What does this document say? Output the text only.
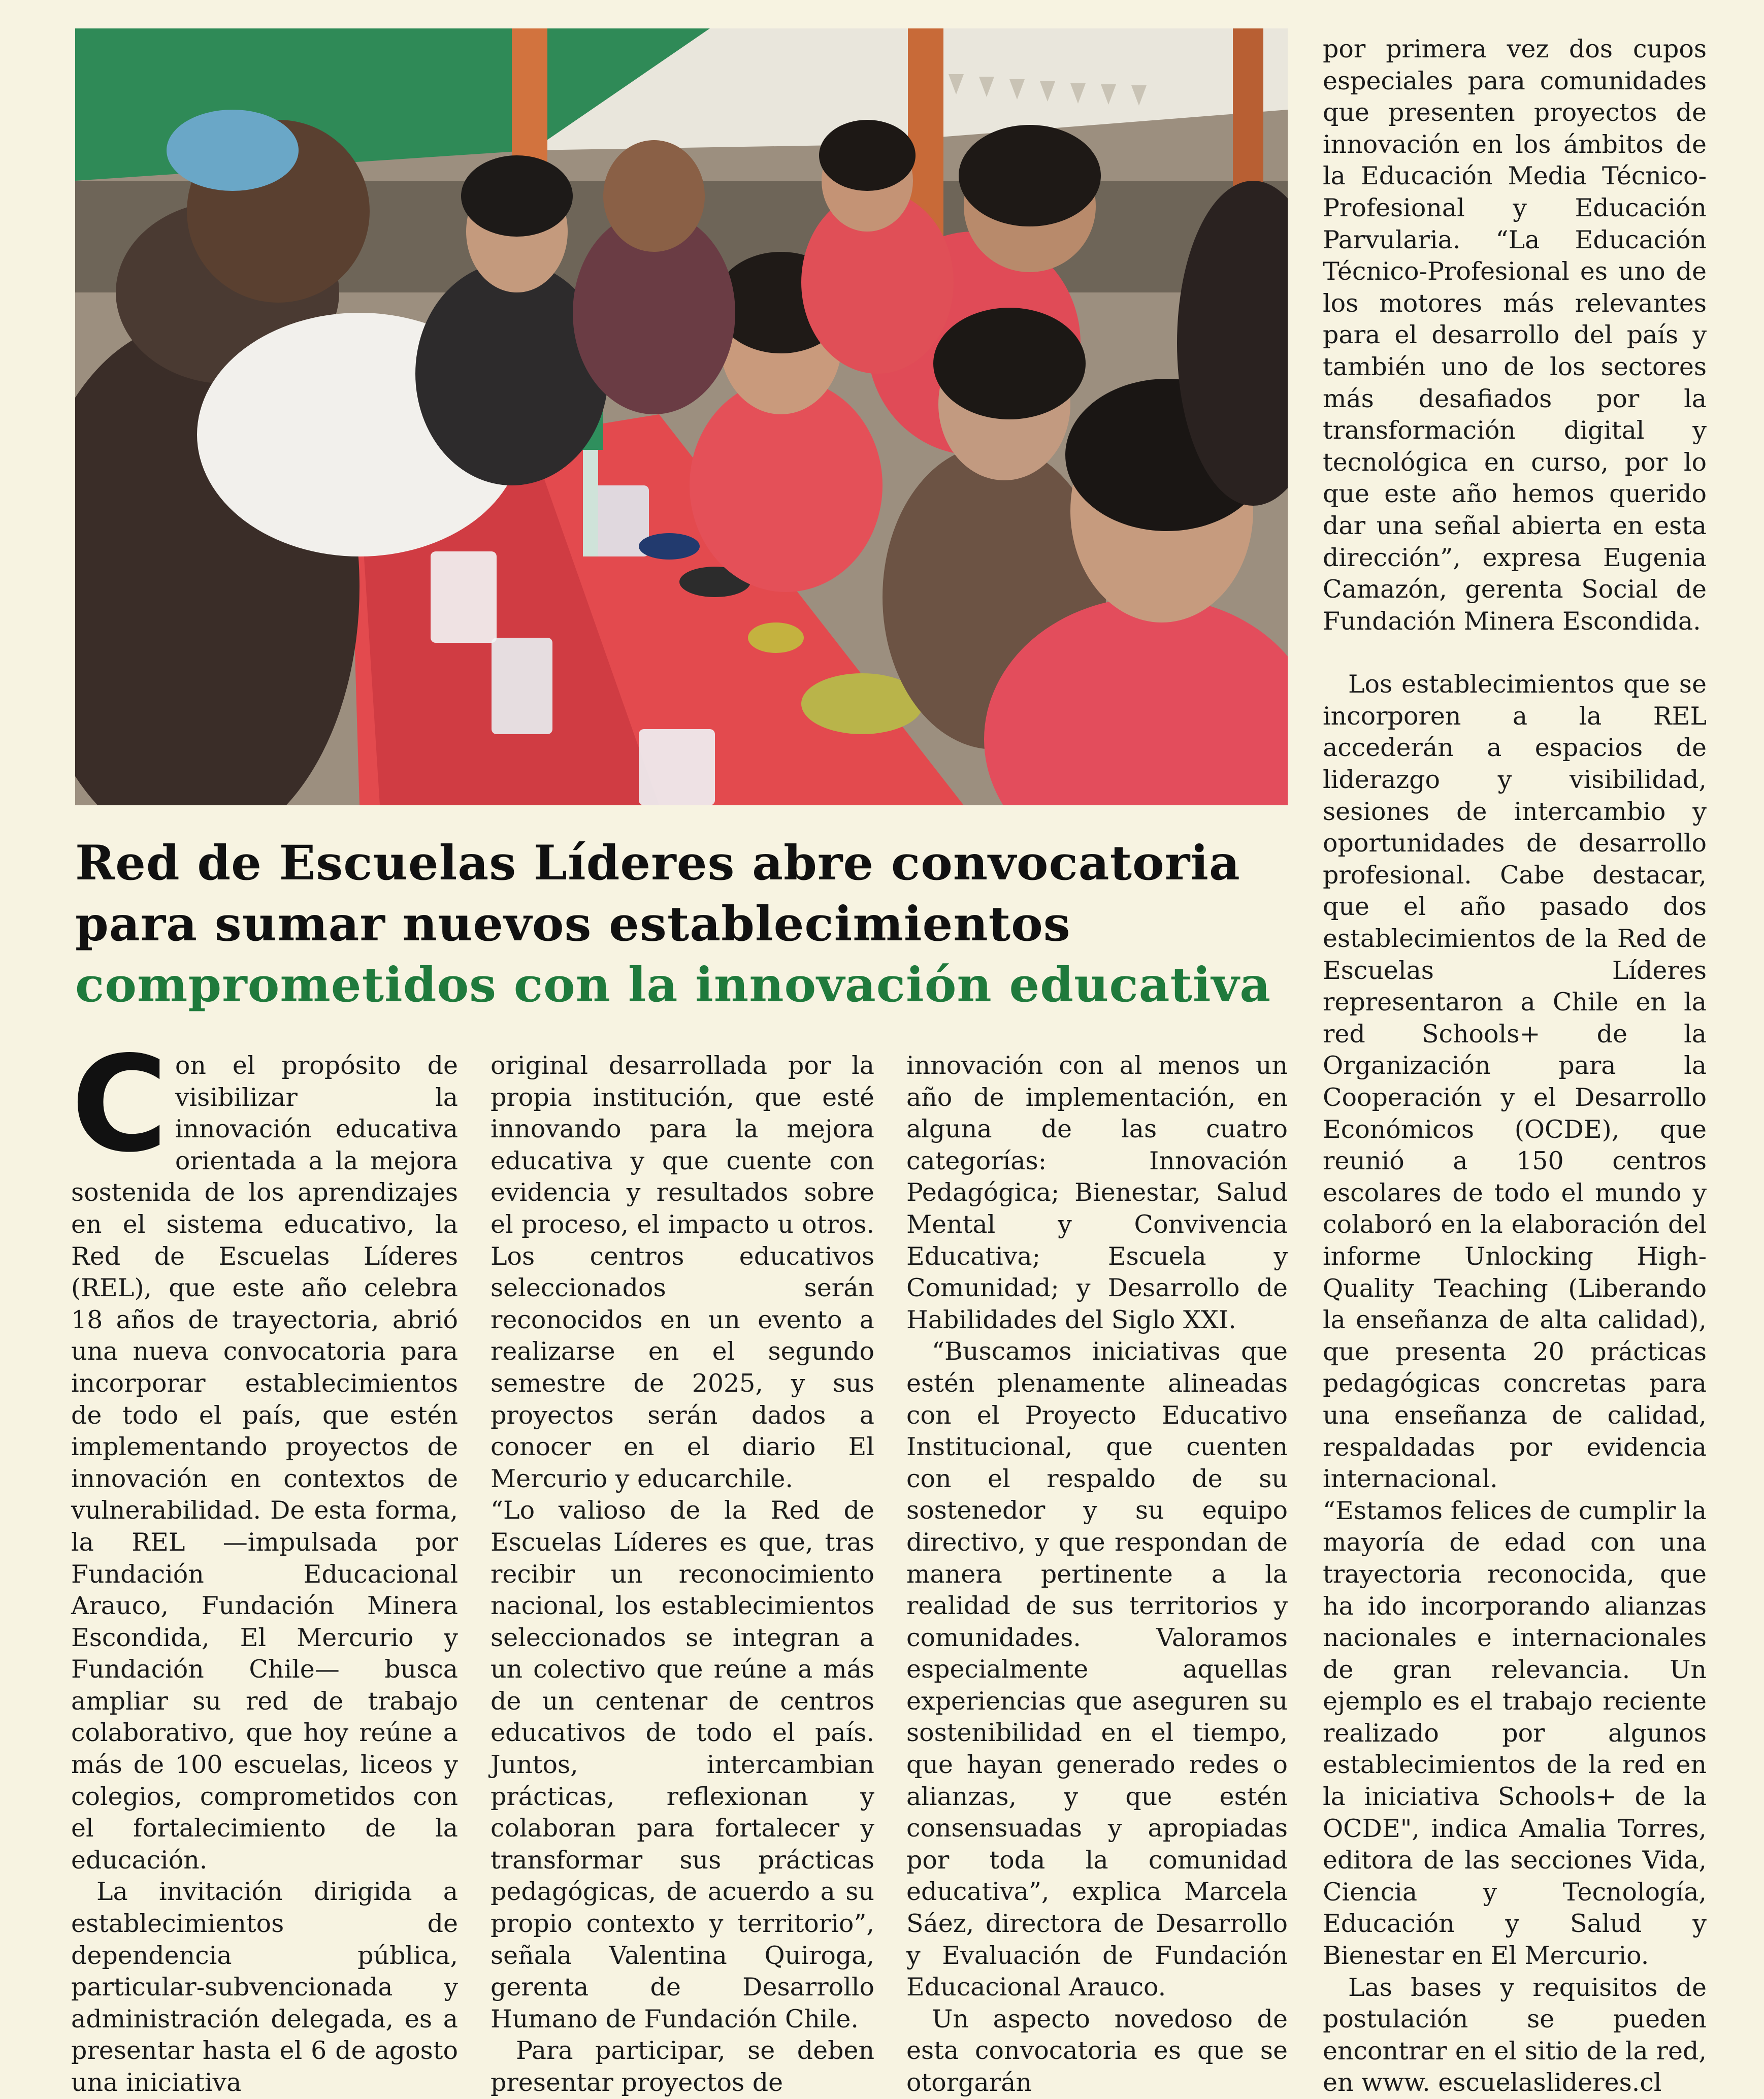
Red de Escuelas Líderes abre convocatoria
para sumar nuevos establecimientos
comprometidos con la innovación educativa

Con el propósito de visibilizar la innovación educativa orientada a la mejora sostenida de los aprendizajes en el sistema educativo, la Red de Escuelas Líderes (REL), que este año celebra 18 años de trayectoria, abrió una nueva convocatoria para incorporar establecimientos de todo el país, que estén implementando proyectos de innovación en contextos de vulnerabilidad. De esta forma, la REL —impulsada por Fundación Educacional Arauco, Fundación Minera Escondida, El Mercurio y Fundación Chile— busca ampliar su red de trabajo colaborativo, que hoy reúne a más de 100 escuelas, liceos y colegios, comprometidos con el fortalecimiento de la educación.

La invitación dirigida a establecimientos de dependencia pública, particular-subvencionada y administración delegada, es a presentar hasta el 6 de agosto una iniciativa

original desarrollada por la propia institución, que esté innovando para la mejora educativa y que cuente con evidencia y resultados sobre el proceso, el impacto u otros. Los centros educativos seleccionados serán reconocidos en un evento a realizarse en el segundo semestre de 2025, y sus proyectos serán dados a conocer en el diario El Mercurio y educarchile.

“Lo valioso de la Red de Escuelas Líderes es que, tras recibir un reconocimiento nacional, los establecimientos seleccionados se integran a un colectivo que reúne a más de un centenar de centros educativos de todo el país. Juntos, intercambian prácticas, reflexionan y colaboran para fortalecer y transformar sus prácticas pedagógicas, de acuerdo a su propio contexto y territorio”, señala Valentina Quiroga, gerenta de Desarrollo Humano de Fundación Chile.

Para participar, se deben presentar proyectos de

innovación con al menos un año de implementación, en alguna de las cuatro categorías: Innovación Pedagógica; Bienestar, Salud Mental y Convivencia Educativa; Escuela y Comunidad; y Desarrollo de Habilidades del Siglo XXI.

“Buscamos iniciativas que estén plenamente alineadas con el Proyecto Educativo Institucional, que cuenten con el respaldo de su sostenedor y su equipo directivo, y que respondan de manera pertinente a la realidad de sus territorios y comunidades. Valoramos especialmente aquellas experiencias que aseguren su sostenibilidad en el tiempo, que hayan generado redes o alianzas, y que estén consensuadas y apropiadas por toda la comunidad educativa”, explica Marcela Sáez, directora de Desarrollo y Evaluación de Fundación Educacional Arauco.

Un aspecto novedoso de esta convocatoria es que se otorgarán

por primera vez dos cupos especiales para comunidades que presenten proyectos de innovación en los ámbitos de la Educación Media Técnico-Profesional y Educación Parvularia. “La Educación Técnico-Profesional es uno de los motores más relevantes para el desarrollo del país y también uno de los sectores más desafiados por la transformación digital y tecnológica en curso, por lo que este año hemos querido dar una señal abierta en esta dirección”, expresa Eugenia Camazón, gerenta Social de Fundación Minera Escondida.

Los establecimientos que se incorporen a la REL accederán a espacios de liderazgo y visibilidad, sesiones de intercambio y oportunidades de desarrollo profesional. Cabe destacar, que el año pasado dos establecimientos de la Red de Escuelas Líderes representaron a Chile en la red Schools+ de la Organización para la Cooperación y el Desarrollo Económicos (OCDE), que reunió a 150 centros escolares de todo el mundo y colaboró en la elaboración del informe Unlocking High-Quality Teaching (Liberando la enseñanza de alta calidad), que presenta 20 prácticas pedagógicas concretas para una enseñanza de calidad, respaldadas por evidencia internacional.

“Estamos felices de cumplir la mayoría de edad con una trayectoria reconocida, que ha ido incorporando alianzas nacionales e internacionales de gran relevancia. Un ejemplo es el trabajo reciente realizado por algunos establecimientos de la red en la iniciativa Schools+ de la OCDE", indica Amalia Torres, editora de las secciones Vida, Ciencia y Tecnología, Educación y Salud y Bienestar en El Mercurio.

Las bases y requisitos de postulación se pueden encontrar en el sitio de la red, en www. escuelaslideres.cl
